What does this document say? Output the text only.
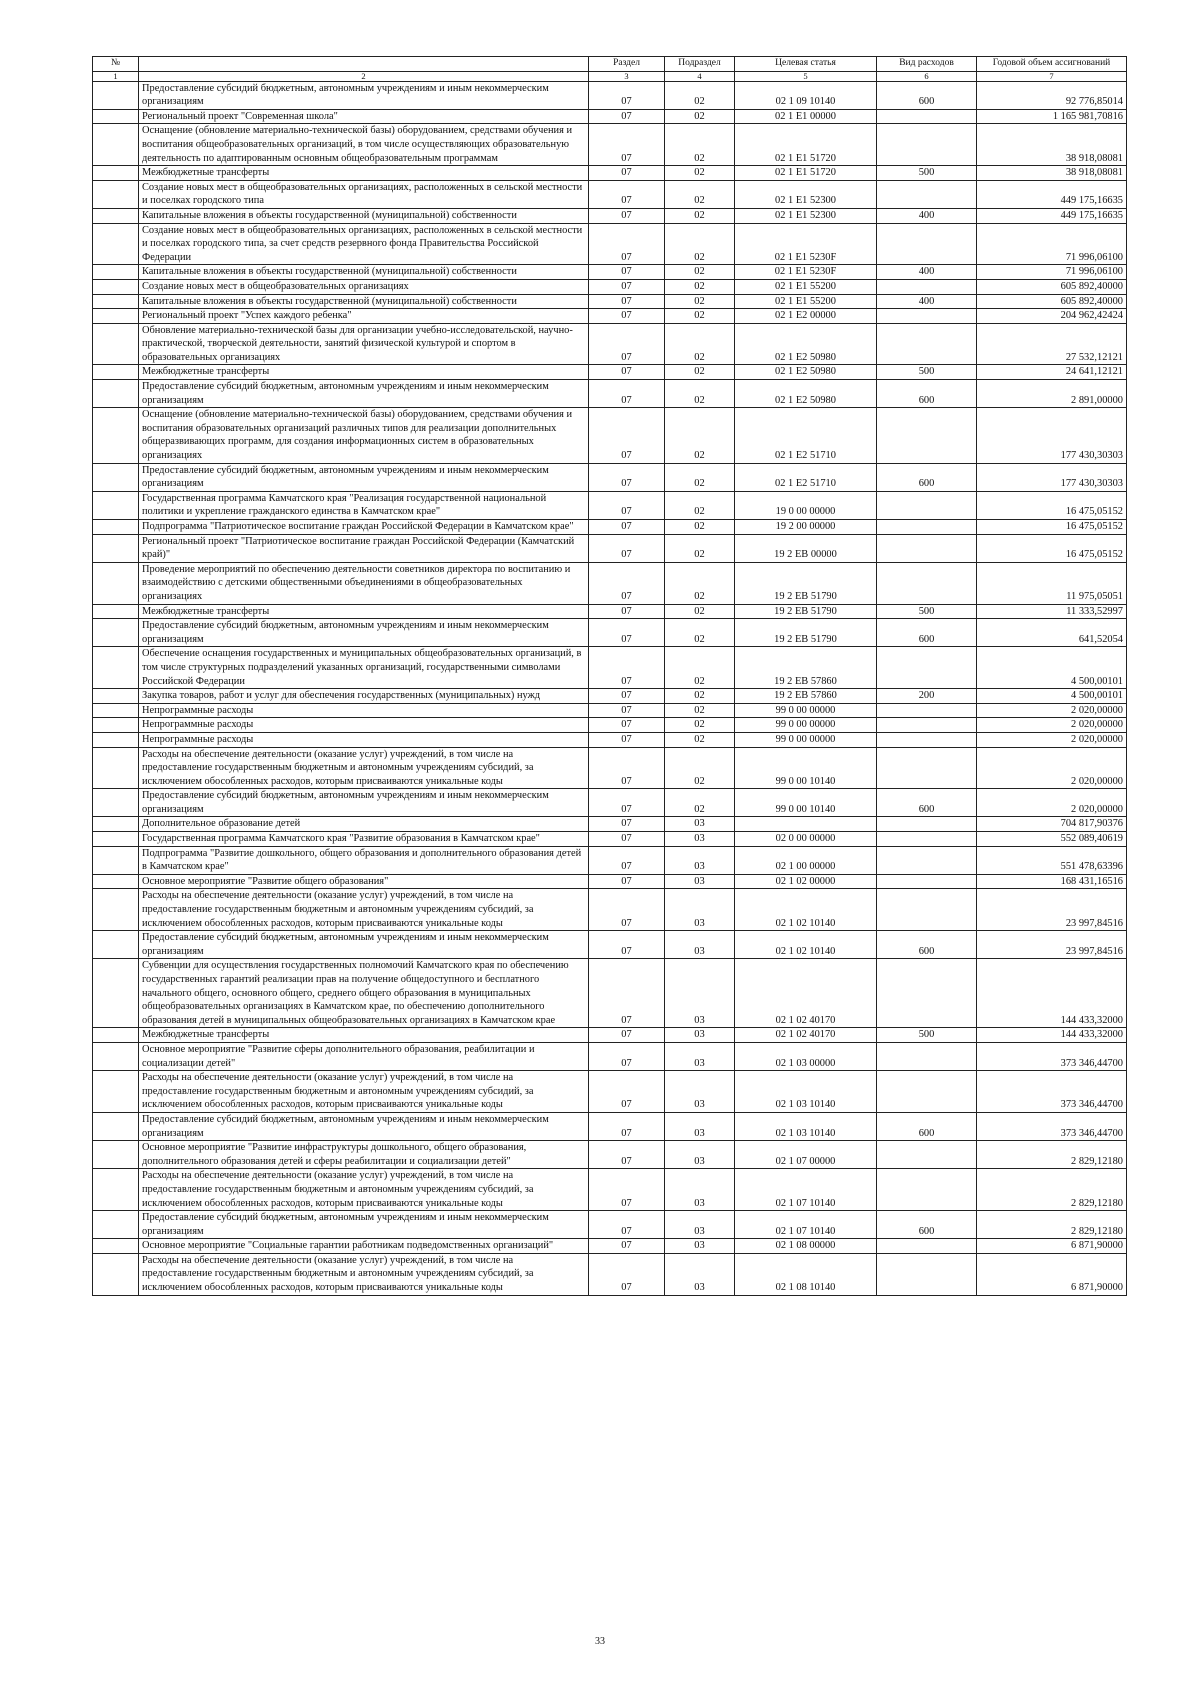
№		Раздел	Подраздел	Целевая статья	Вид расходов	Годовой объем ассигнований
1	2	3	4	5	6	7
	Предоставление субсидий бюджетным, автономным учреждениям и иным некоммерческим организациям	07	02	02 1 09 10140	600	92 776,85014
	Региональный проект "Современная школа"	07	02	02 1 E1 00000		1 165 981,70816
	Оснащение (обновление материально-технической базы) оборудованием, средствами обучения и воспитания общеобразовательных организаций, в том числе осуществляющих образовательную деятельность по адаптированным основным общеобразовательным программам	07	02	02 1 E1 51720		38 918,08081
	Межбюджетные трансферты	07	02	02 1 E1 51720	500	38 918,08081
	Создание новых мест в общеобразовательных организациях, расположенных в сельской местности и поселках городского типа	07	02	02 1 E1 52300		449 175,16635
	Капитальные вложения в объекты государственной (муниципальной) собственности	07	02	02 1 E1 52300	400	449 175,16635
	Создание новых мест в общеобразовательных организациях, расположенных в сельской местности и поселках городского типа, за счет средств резервного фонда Правительства Российской Федерации	07	02	02 1 E1 5230F		71 996,06100
	Капитальные вложения в объекты государственной (муниципальной) собственности	07	02	02 1 E1 5230F	400	71 996,06100
	Создание новых мест в общеобразовательных организациях	07	02	02 1 E1 55200		605 892,40000
	Капитальные вложения в объекты государственной (муниципальной) собственности	07	02	02 1 E1 55200	400	605 892,40000
	Региональный проект "Успех каждого ребенка"	07	02	02 1 E2 00000		204 962,42424
	Обновление материально-технической базы для организации учебно-исследовательской, научно-практической, творческой деятельности, занятий физической культурой и спортом в образовательных организациях	07	02	02 1 E2 50980		27 532,12121
	Межбюджетные трансферты	07	02	02 1 E2 50980	500	24 641,12121
	Предоставление субсидий бюджетным, автономным учреждениям и иным некоммерческим организациям	07	02	02 1 E2 50980	600	2 891,00000
	Оснащение (обновление материально-технической базы) оборудованием, средствами обучения и воспитания образовательных организаций различных типов для реализации дополнительных общеразвивающих программ, для создания информационных систем в образовательных организациях	07	02	02 1 E2 51710		177 430,30303
	Предоставление субсидий бюджетным, автономным учреждениям и иным некоммерческим организациям	07	02	02 1 E2 51710	600	177 430,30303
	Государственная программа Камчатского края "Реализация государственной национальной политики и укрепление гражданского единства в Камчатском крае"	07	02	19 0 00 00000		16 475,05152
	Подпрограмма "Патриотическое воспитание граждан Российской Федерации в Камчатском крае"	07	02	19 2 00 00000		16 475,05152
	Региональный проект "Патриотическое воспитание граждан Российской Федерации (Камчатский край)"	07	02	19 2 EB 00000		16 475,05152
	Проведение мероприятий по обеспечению деятельности советников директора по воспитанию и взаимодействию с детскими общественными объединениями в общеобразовательных организациях	07	02	19 2 EB 51790		11 975,05051
	Межбюджетные трансферты	07	02	19 2 EB 51790	500	11 333,52997
	Предоставление субсидий бюджетным, автономным учреждениям и иным некоммерческим организациям	07	02	19 2 EB 51790	600	641,52054
	Обеспечение оснащения государственных и муниципальных общеобразовательных организаций, в том числе структурных подразделений указанных организаций, государственными символами Российской Федерации	07	02	19 2 EB 57860		4 500,00101
	Закупка товаров, работ и услуг для обеспечения государственных (муниципальных) нужд	07	02	19 2 EB 57860	200	4 500,00101
	Непрограммные расходы	07	02	99 0 00 00000		2 020,00000
	Непрограммные расходы	07	02	99 0 00 00000		2 020,00000
	Непрограммные расходы	07	02	99 0 00 00000		2 020,00000
	Расходы на обеспечение деятельности (оказание услуг) учреждений, в том числе на предоставление государственным бюджетным и автономным учреждениям субсидий, за исключением обособленных расходов, которым присваиваются уникальные коды	07	02	99 0 00 10140		2 020,00000
	Предоставление субсидий бюджетным, автономным учреждениям и иным некоммерческим организациям	07	02	99 0 00 10140	600	2 020,00000
	Дополнительное образование детей	07	03			704 817,90376
	Государственная программа Камчатского края "Развитие образования в Камчатском крае"	07	03	02 0 00 00000		552 089,40619
	Подпрограмма "Развитие дошкольного, общего образования и дополнительного образования детей в Камчатском крае"	07	03	02 1 00 00000		551 478,63396
	Основное мероприятие "Развитие общего образования"	07	03	02 1 02 00000		168 431,16516
	Расходы на обеспечение деятельности (оказание услуг) учреждений, в том числе на предоставление государственным бюджетным и автономным учреждениям субсидий, за исключением обособленных расходов, которым присваиваются уникальные коды	07	03	02 1 02 10140		23 997,84516
	Предоставление субсидий бюджетным, автономным учреждениям и иным некоммерческим организациям	07	03	02 1 02 10140	600	23 997,84516
	Субвенции для осуществления государственных полномочий Камчатского края по обеспечению государственных гарантий реализации прав на получение общедоступного и бесплатного начального общего, основного общего, среднего общего образования в муниципальных общеобразовательных организациях в Камчатском крае, по обеспечению дополнительного образования детей в муниципальных общеобразовательных организациях в Камчатском крае	07	03	02 1 02 40170		144 433,32000
	Межбюджетные трансферты	07	03	02 1 02 40170	500	144 433,32000
	Основное мероприятие "Развитие сферы дополнительного образования, реабилитации и социализации детей"	07	03	02 1 03 00000		373 346,44700
	Расходы на обеспечение деятельности (оказание услуг) учреждений, в том числе на предоставление государственным бюджетным и автономным учреждениям субсидий, за исключением обособленных расходов, которым присваиваются уникальные коды	07	03	02 1 03 10140		373 346,44700
	Предоставление субсидий бюджетным, автономным учреждениям и иным некоммерческим организациям	07	03	02 1 03 10140	600	373 346,44700
	Основное мероприятие "Развитие инфраструктуры дошкольного, общего образования, дополнительного образования детей и сферы реабилитации и социализации детей"	07	03	02 1 07 00000		2 829,12180
	Расходы на обеспечение деятельности (оказание услуг) учреждений, в том числе на предоставление государственным бюджетным и автономным учреждениям субсидий, за исключением обособленных расходов, которым присваиваются уникальные коды	07	03	02 1 07 10140		2 829,12180
	Предоставление субсидий бюджетным, автономным учреждениям и иным некоммерческим организациям	07	03	02 1 07 10140	600	2 829,12180
	Основное мероприятие "Социальные гарантии работникам подведомственных организаций"	07	03	02 1 08 00000		6 871,90000
	Расходы на обеспечение деятельности (оказание услуг) учреждений, в том числе на предоставление государственным бюджетным и автономным учреждениям субсидий, за исключением обособленных расходов, которым присваиваются уникальные коды	07	03	02 1 08 10140		6 871,90000
33
